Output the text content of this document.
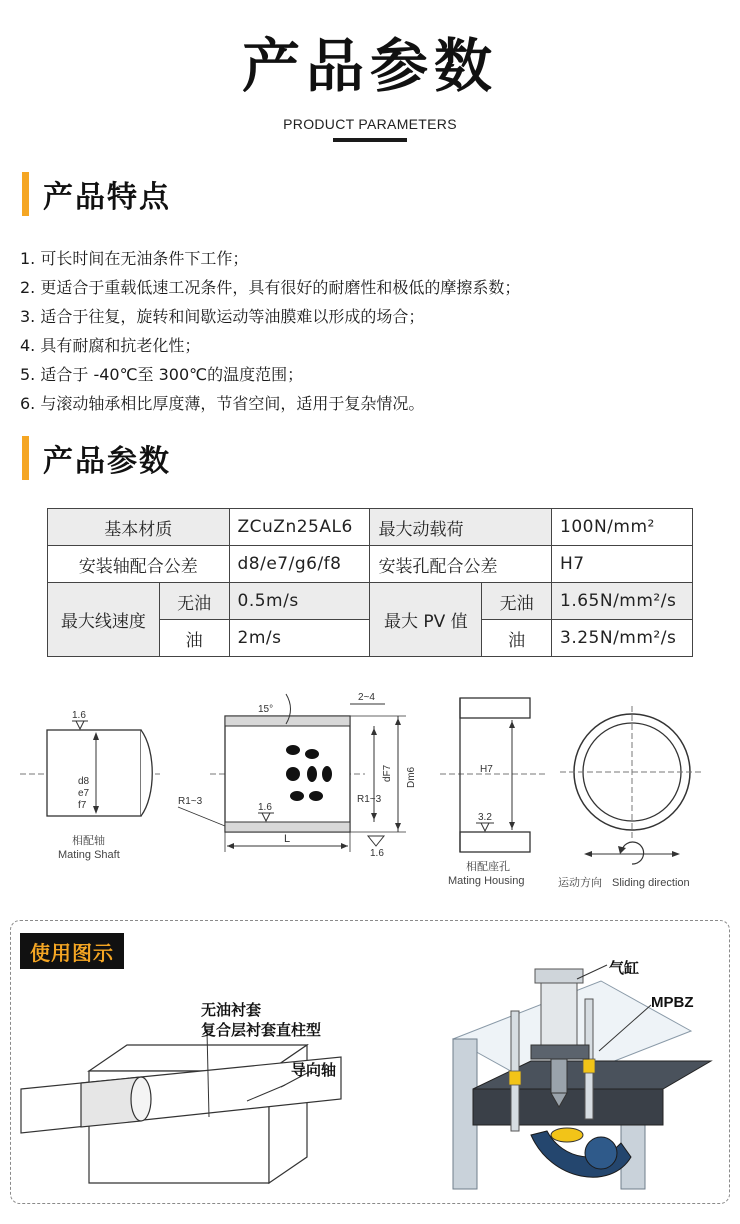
产品参数
PRODUCT PARAMETERS
产品特点
1. 可长时间在无油条件下工作；
2. 更适合于重载低速工况条件，具有很好的耐磨性和极低的摩擦系数；
3. 适合于往复，旋转和间歇运动等油膜难以形成的场合；
4. 具有耐腐和抗老化性；
5. 适合于 -40℃至 300℃的温度范围；
6. 与滚动轴承相比厚度薄，节省空间，适用于复杂情况。
产品参数
基本材质		ZCuZn25AL6	最大动载荷		100N/mm²
安装轴配合公差		d8/e7/g6/f8	安装孔配合公差		H7
最大线速度	无油	0.5m/s	最大 PV 值	无油	1.65N/mm²/s
	油	2m/s		油	3.25N/mm²/s
1.6
d8
e7
f7
相配轴
Mating Shaft
15°
2~4
dF7 Dm6
R1~3	R1~3
1.6
L
1.6
H7
3.2
相配座孔
Mating Housing	运动方向 Sliding direction
使用图示
无油衬套
复合层衬套直柱型
导向轴
气缸
MPBZ
